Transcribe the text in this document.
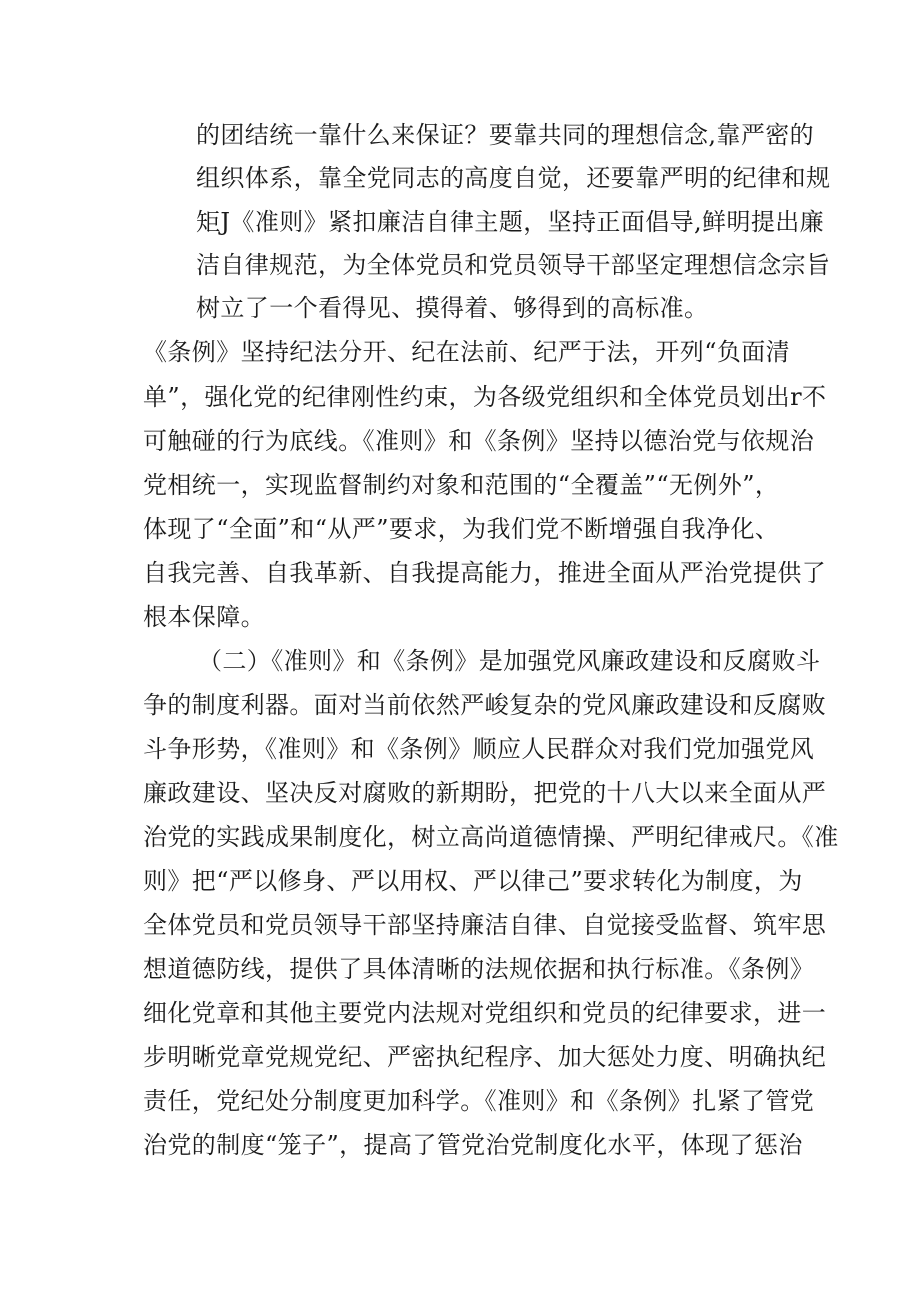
的团结统一靠什么来保证？要靠共同的理想信念,靠严密的
组织体系，靠全党同志的高度自觉，还要靠严明的纪律和规
矩J《准则》紧扣廉洁自律主题，坚持正面倡导,鲜明提出廉
洁自律规范，为全体党员和党员领导干部坚定理想信念宗旨
树立了一个看得见、摸得着、够得到的高标准。
《条例》坚持纪法分开、纪在法前、纪严于法，开列“负面清
单”，强化党的纪律刚性约束，为各级党组织和全体党员划出r不
可触碰的行为底线。《准则》和《条例》坚持以德治党与依规治
党相统一，实现监督制约对象和范围的“全覆盖”“无例外”，
体现了“全面”和“从严”要求，为我们党不断增强自我净化、
自我完善、自我革新、自我提高能力，推进全面从严治党提供了
根本保障。
（二）《准则》和《条例》是加强党风廉政建设和反腐败斗
争的制度利器。面对当前依然严峻复杂的党风廉政建设和反腐败
斗争形势，《准则》和《条例》顺应人民群众对我们党加强党风
廉政建设、坚决反对腐败的新期盼，把党的十八大以来全面从严
治党的实践成果制度化，树立高尚道德情操、严明纪律戒尺。《准
则》把“严以修身、严以用权、严以律己”要求转化为制度，为
全体党员和党员领导干部坚持廉洁自律、自觉接受监督、筑牢思
想道德防线，提供了具体清晰的法规依据和执行标准。《条例》
细化党章和其他主要党内法规对党组织和党员的纪律要求，进一
步明晰党章党规党纪、严密执纪程序、加大惩处力度、明确执纪
责任，党纪处分制度更加科学。《准则》和《条例》扎紧了管党
治党的制度“笼子”，提高了管党治党制度化水平，体现了惩治
